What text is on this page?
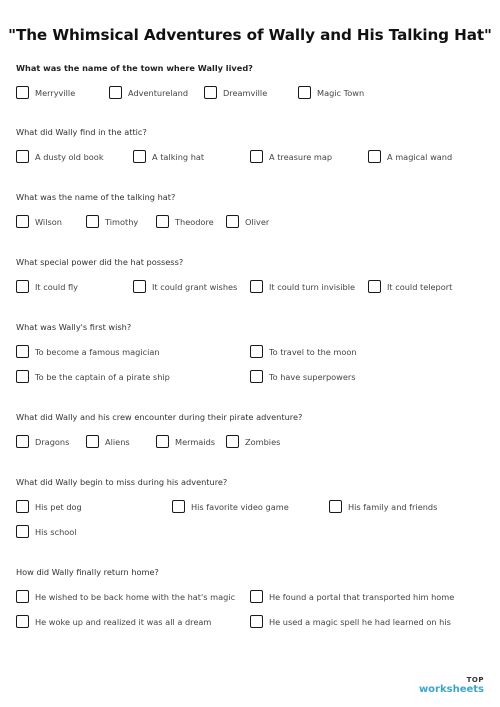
"The Whimsical Adventures of Wally and His Talking Hat"
What was the name of the town where Wally lived?
Merryville	Adventureland	Dreamville	Magic Town
What did Wally find in the attic?
A dusty old book	A talking hat	A treasure map	A magical wand
What was the name of the talking hat?
Wilson	Timothy	Theodore	Oliver
What special power did the hat possess?
It could fly	It could grant wishes	It could turn invisible	It could teleport
What was Wally's first wish?
To become a famous magician	To travel to the moon
To be the captain of a pirate ship	To have superpowers
What did Wally and his crew encounter during their pirate adventure?
Dragons	Aliens	Mermaids	Zombies
What did Wally begin to miss during his adventure?
His pet dog	His favorite video game	His family and friends
His school
How did Wally finally return home?
He wished to be back home with the hat's magic	He found a portal that transported him home
He woke up and realized it was all a dream	He used a magic spell he had learned on his
TOP
worksheets
